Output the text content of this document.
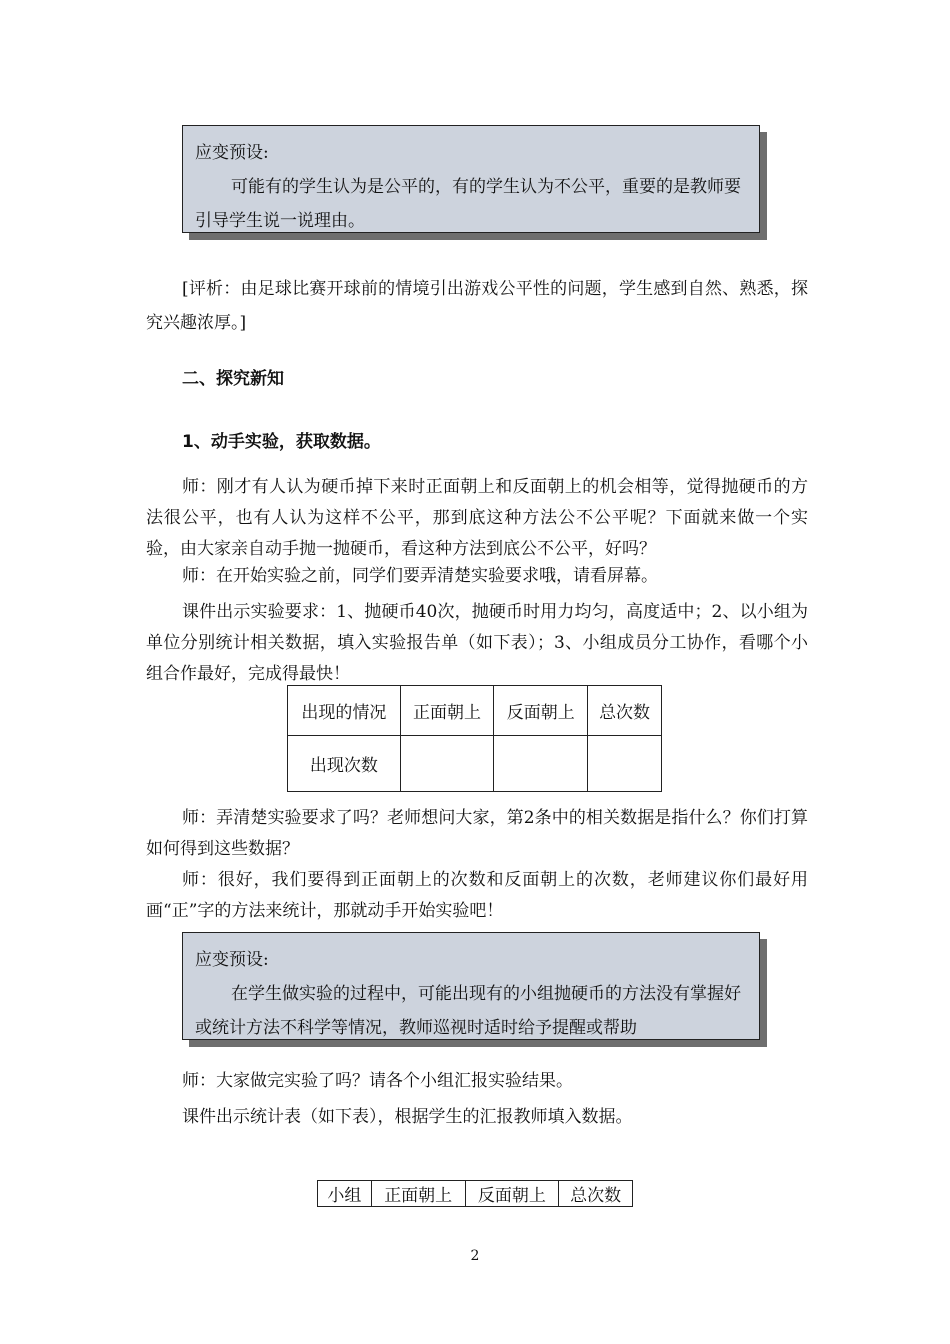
应变预设:
可能有的学生认为是公平的，有的学生认为不公平，重要的是教师要引导学生说一说理由。

[评析：由足球比赛开球前的情境引出游戏公平性的问题，学生感到自然、熟悉，探究兴趣浓厚。]

二、探究新知

1、动手实验，获取数据。

师：刚才有人认为硬币掉下来时正面朝上和反面朝上的机会相等，觉得抛硬币的方法很公平，也有人认为这样不公平，那到底这种方法公不公平呢？下面就来做一个实验，由大家亲自动手抛一抛硬币，看这种方法到底公不公平，好吗？

师：在开始实验之前，同学们要弄清楚实验要求哦，请看屏幕。

课件出示实验要求：1、抛硬币40次，抛硬币时用力均匀，高度适中；2、以小组为单位分别统计相关数据，填入实验报告单（如下表）；3、小组成员分工协作，看哪个小组合作最好，完成得最快！

出现的情况	正面朝上	反面朝上	总次数
出现次数			

师：弄清楚实验要求了吗？老师想问大家，第2条中的相关数据是指什么？你们打算如何得到这些数据？

师：很好，我们要得到正面朝上的次数和反面朝上的次数，老师建议你们最好用画“正”字的方法来统计，那就动手开始实验吧！

应变预设:
在学生做实验的过程中，可能出现有的小组抛硬币的方法没有掌握好或统计方法不科学等情况，教师巡视时适时给予提醒或帮助

师：大家做完实验了吗？请各个小组汇报实验结果。

课件出示统计表（如下表），根据学生的汇报教师填入数据。

小组	正面朝上	反面朝上	总次数
2
